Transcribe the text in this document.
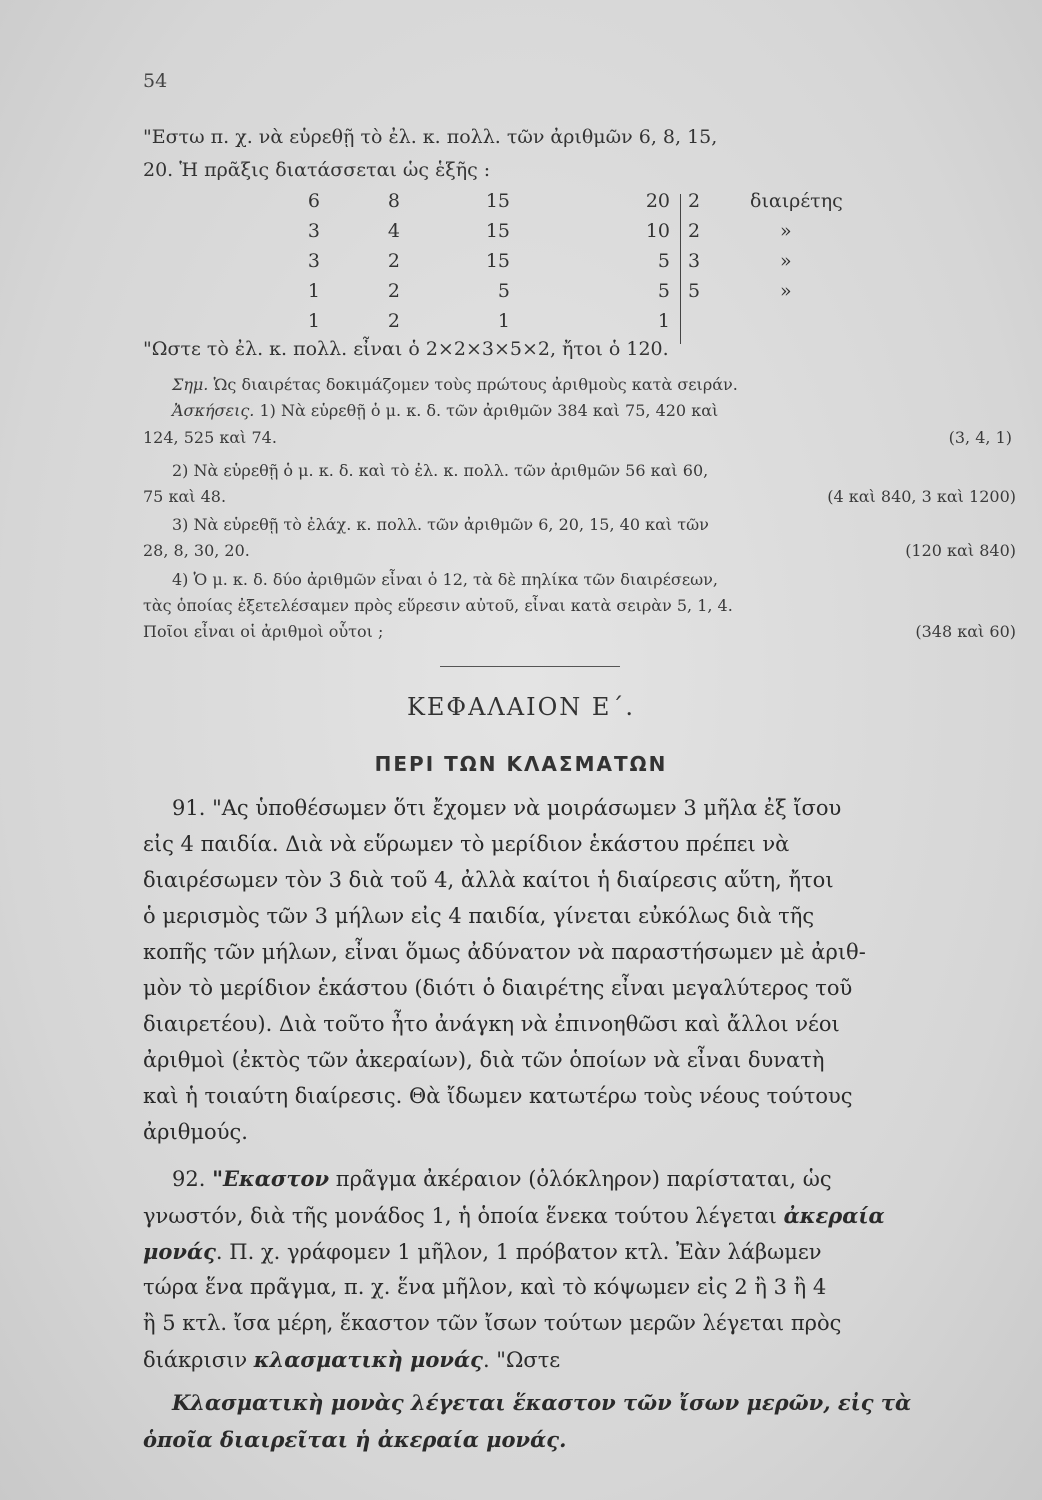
54
"Εστω π. χ. νὰ εὑρεθῇ τὸ ἐλ. κ. πολλ. τῶν ἀριθμῶν 6, 8, 15,
20. Ἡ πρᾶξις διατάσσεται ὡς ἑξῆς :
6	8	15	20 2	διαιρέτης
3	4	15	10 2	»
3	2	15	5 3	»
1	2	5	5 5	»
1	2	1	1
"Ωστε τὸ ἐλ. κ. πολλ. εἶναι ὁ 2×2×3×5×2, ἤτοι ὁ 120.
Σημ. Ὡς διαιρέτας δοκιμάζομεν τοὺς πρώτους ἀριθμοὺς κατὰ σειράν.
Ἀσκήσεις. 1) Νὰ εὑρεθῇ ὁ μ. κ. δ. τῶν ἀριθμῶν 384 καὶ 75, 420 καὶ
124, 525 καὶ 74.	(3, 4, 1)
2) Νὰ εὑρεθῇ ὁ μ. κ. δ. καὶ τὸ ἐλ. κ. πολλ. τῶν ἀριθμῶν 56 καὶ 60,
75 καὶ 48.	(4 καὶ 840, 3 καὶ 1200)
3) Νὰ εὑρεθῇ τὸ ἐλάχ. κ. πολλ. τῶν ἀριθμῶν 6, 20, 15, 40 καὶ τῶν
28, 8, 30, 20.	(120 καὶ 840)
4) Ὁ μ. κ. δ. δύο ἀριθμῶν εἶναι ὁ 12, τὰ δὲ πηλίκα τῶν διαιρέσεων,
τὰς ὁποίας ἐξετελέσαμεν πρὸς εὕρεσιν αὐτοῦ, εἶναι κατὰ σειρὰν 5, 1, 4.
Ποῖοι εἶναι οἱ ἀριθμοὶ οὗτοι ;	(348 καὶ 60)
ΚΕΦΑΛΑΙΟΝ Ε΄.
ΠΕΡΙ ΤΩΝ ΚΛΑΣΜΑΤΩΝ
91. "Ας ὑποθέσωμεν ὅτι ἔχομεν νὰ μοιράσωμεν 3 μῆλα ἐξ ἴσου
εἰς 4 παιδία. Διὰ νὰ εὕρωμεν τὸ μερίδιον ἑκάστου πρέπει νὰ
διαιρέσωμεν τὸν 3 διὰ τοῦ 4, ἀλλὰ καίτοι ἡ διαίρεσις αὕτη, ἤτοι
ὁ μερισμὸς τῶν 3 μήλων εἰς 4 παιδία, γίνεται εὐκόλως διὰ τῆς
κοπῆς τῶν μήλων, εἶναι ὅμως ἀδύνατον νὰ παραστήσωμεν μὲ ἀριθ-
μὸν τὸ μερίδιον ἑκάστου (διότι ὁ διαιρέτης εἶναι μεγαλύτερος τοῦ
διαιρετέου). Διὰ τοῦτο ἦτο ἀνάγκη νὰ ἐπινοηθῶσι καὶ ἄλλοι νέοι
ἀριθμοὶ (ἐκτὸς τῶν ἀκεραίων), διὰ τῶν ὁποίων νὰ εἶναι δυνατὴ
καὶ ἡ τοιαύτη διαίρεσις. Θὰ ἴδωμεν κατωτέρω τοὺς νέους τούτους
ἀριθμούς.
92. "Εκαστον πρᾶγμα ἀκέραιον (ὁλόκληρον) παρίσταται, ὡς
γνωστόν, διὰ τῆς μονάδος 1, ἡ ὁποία ἕνεκα τούτου λέγεται ἀκεραία
μονάς. Π. χ. γράφομεν 1 μῆλον, 1 πρόβατον κτλ. Ἐὰν λάβωμεν
τώρα ἕνα πρᾶγμα, π. χ. ἕνα μῆλον, καὶ τὸ κόψωμεν εἰς 2 ἢ 3 ἢ 4
ἢ 5 κτλ. ἴσα μέρη, ἕκαστον τῶν ἴσων τούτων μερῶν λέγεται πρὸς
διάκρισιν κλασματικὴ μονάς. "Ωστε
Κλασματικὴ μονὰς λέγεται ἕκαστον τῶν ἴσων μερῶν, εἰς τὰ
ὁποῖα διαιρεῖται ἡ ἀκεραία μονάς.
